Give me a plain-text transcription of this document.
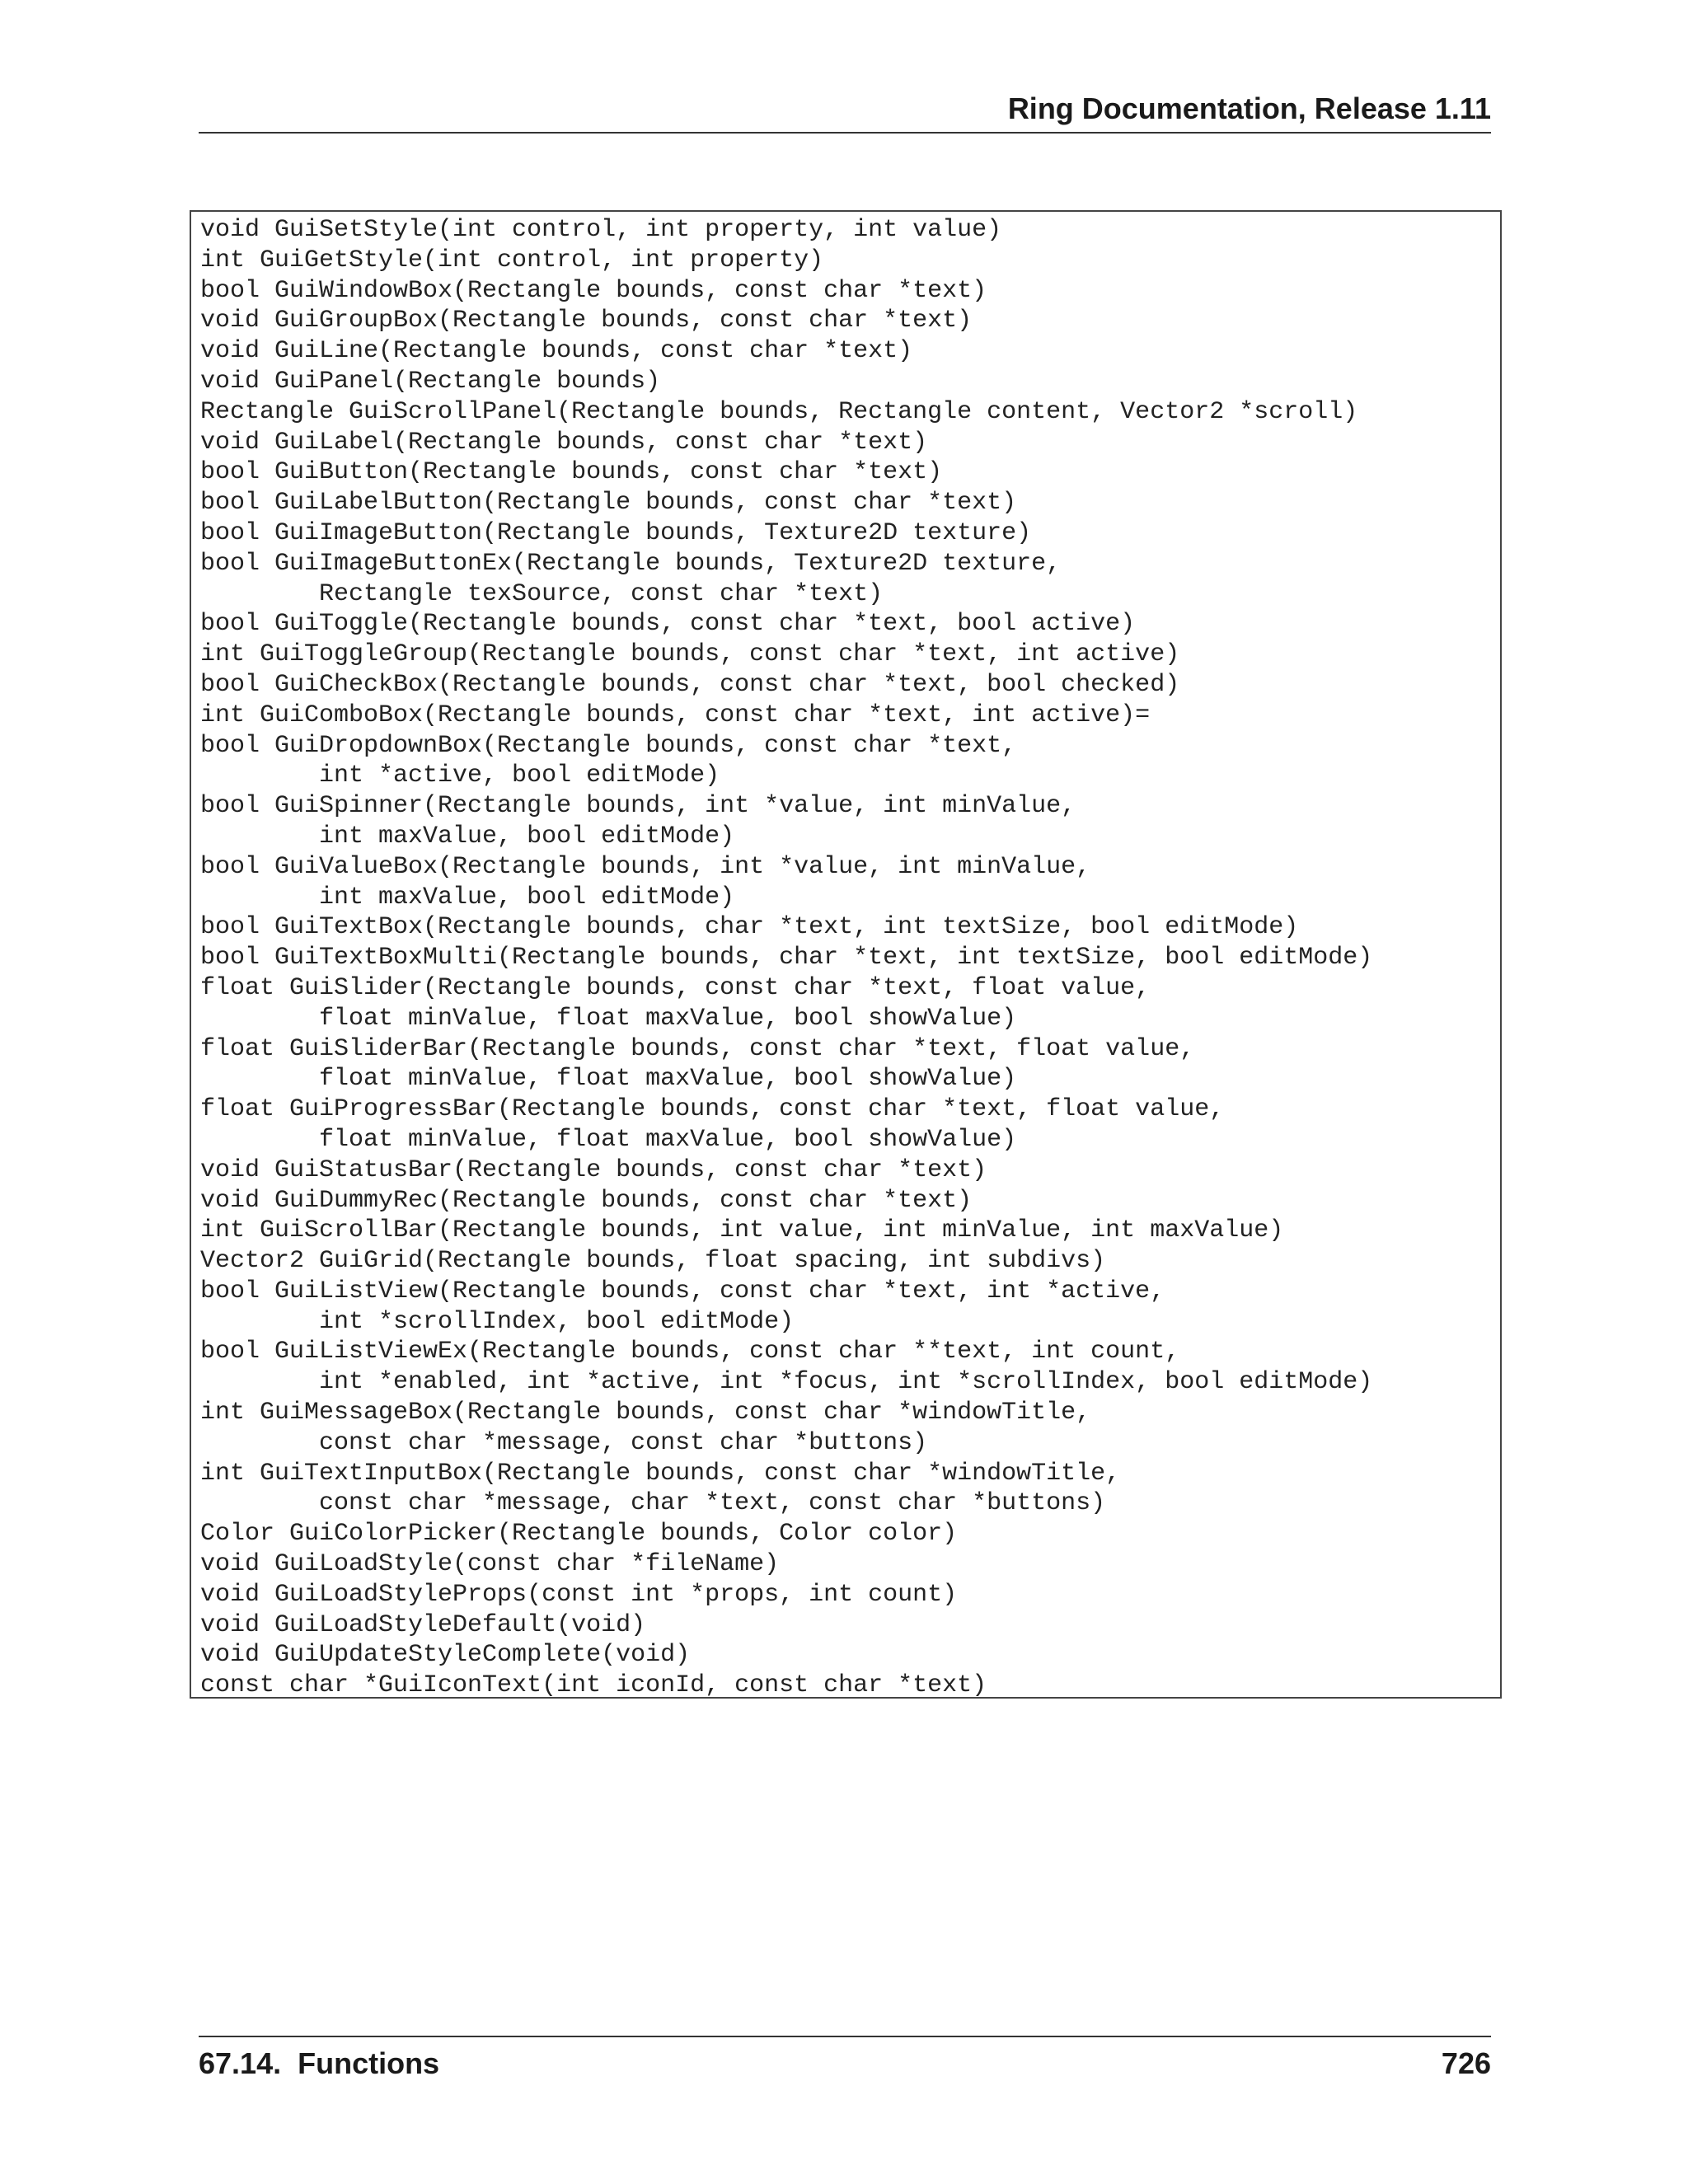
Ring Documentation, Release 1.11
void GuiSetStyle(int control, int property, int value)
int GuiGetStyle(int control, int property)
bool GuiWindowBox(Rectangle bounds, const char *text)
void GuiGroupBox(Rectangle bounds, const char *text)
void GuiLine(Rectangle bounds, const char *text)
void GuiPanel(Rectangle bounds)
Rectangle GuiScrollPanel(Rectangle bounds, Rectangle content, Vector2 *scroll)
void GuiLabel(Rectangle bounds, const char *text)
bool GuiButton(Rectangle bounds, const char *text)
bool GuiLabelButton(Rectangle bounds, const char *text)
bool GuiImageButton(Rectangle bounds, Texture2D texture)
bool GuiImageButtonEx(Rectangle bounds, Texture2D texture,
Rectangle texSource, const char *text)
bool GuiToggle(Rectangle bounds, const char *text, bool active)
int GuiToggleGroup(Rectangle bounds, const char *text, int active)
bool GuiCheckBox(Rectangle bounds, const char *text, bool checked)
int GuiComboBox(Rectangle bounds, const char *text, int active)=
bool GuiDropdownBox(Rectangle bounds, const char *text,
int *active, bool editMode)
bool GuiSpinner(Rectangle bounds, int *value, int minValue,
int maxValue, bool editMode)
bool GuiValueBox(Rectangle bounds, int *value, int minValue,
int maxValue, bool editMode)
bool GuiTextBox(Rectangle bounds, char *text, int textSize, bool editMode)
bool GuiTextBoxMulti(Rectangle bounds, char *text, int textSize, bool editMode)
float GuiSlider(Rectangle bounds, const char *text, float value,
float minValue, float maxValue, bool showValue)
float GuiSliderBar(Rectangle bounds, const char *text, float value,
float minValue, float maxValue, bool showValue)
float GuiProgressBar(Rectangle bounds, const char *text, float value,
float minValue, float maxValue, bool showValue)
void GuiStatusBar(Rectangle bounds, const char *text)
void GuiDummyRec(Rectangle bounds, const char *text)
int GuiScrollBar(Rectangle bounds, int value, int minValue, int maxValue)
Vector2 GuiGrid(Rectangle bounds, float spacing, int subdivs)
bool GuiListView(Rectangle bounds, const char *text, int *active,
int *scrollIndex, bool editMode)
bool GuiListViewEx(Rectangle bounds, const char **text, int count,
int *enabled, int *active, int *focus, int *scrollIndex, bool editMode)
int GuiMessageBox(Rectangle bounds, const char *windowTitle,
const char *message, const char *buttons)
int GuiTextInputBox(Rectangle bounds, const char *windowTitle,
const char *message, char *text, const char *buttons)
Color GuiColorPicker(Rectangle bounds, Color color)
void GuiLoadStyle(const char *fileName)
void GuiLoadStyleProps(const int *props, int count)
void GuiLoadStyleDefault(void)
void GuiUpdateStyleComplete(void)
const char *GuiIconText(int iconId, const char *text)
67.14.  Functions	726
